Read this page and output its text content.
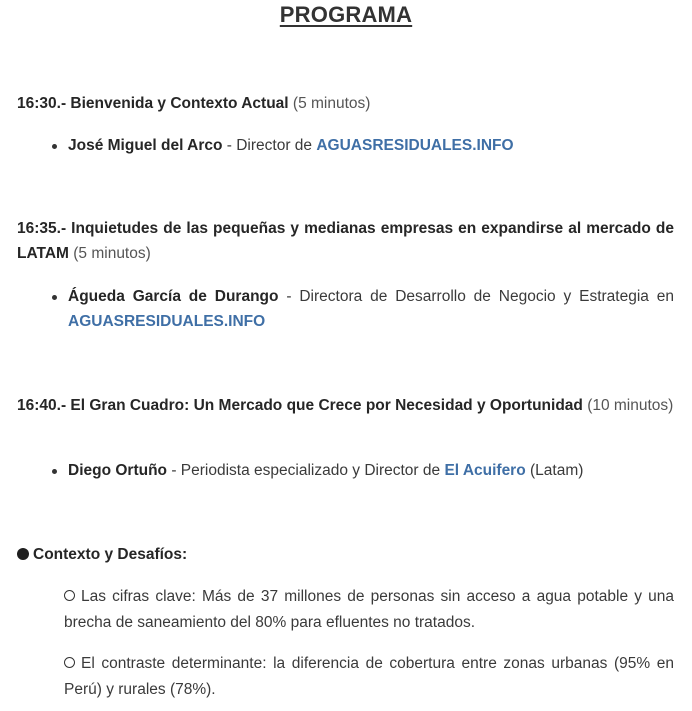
PROGRAMA
16:30.- Bienvenida y Contexto Actual (5 minutos)
José Miguel del Arco - Director de AGUASRESIDUALES.INFO
16:35.- Inquietudes de las pequeñas y medianas empresas en expandirse al mercado de LATAM (5 minutos)
Águeda García de Durango - Directora de Desarrollo de Negocio y Estrategia en AGUASRESIDUALES.INFO
16:40.- El Gran Cuadro: Un Mercado que Crece por Necesidad y Oportunidad (10 minutos)
Diego Ortuño - Periodista especializado y Director de El Acuifero (Latam)
Contexto y Desafíos:
Las cifras clave: Más de 37 millones de personas sin acceso a agua potable y una brecha de saneamiento del 80% para efluentes no tratados.
El contraste determinante: la diferencia de cobertura entre zonas urbanas (95% en Perú) y rurales (78%).
